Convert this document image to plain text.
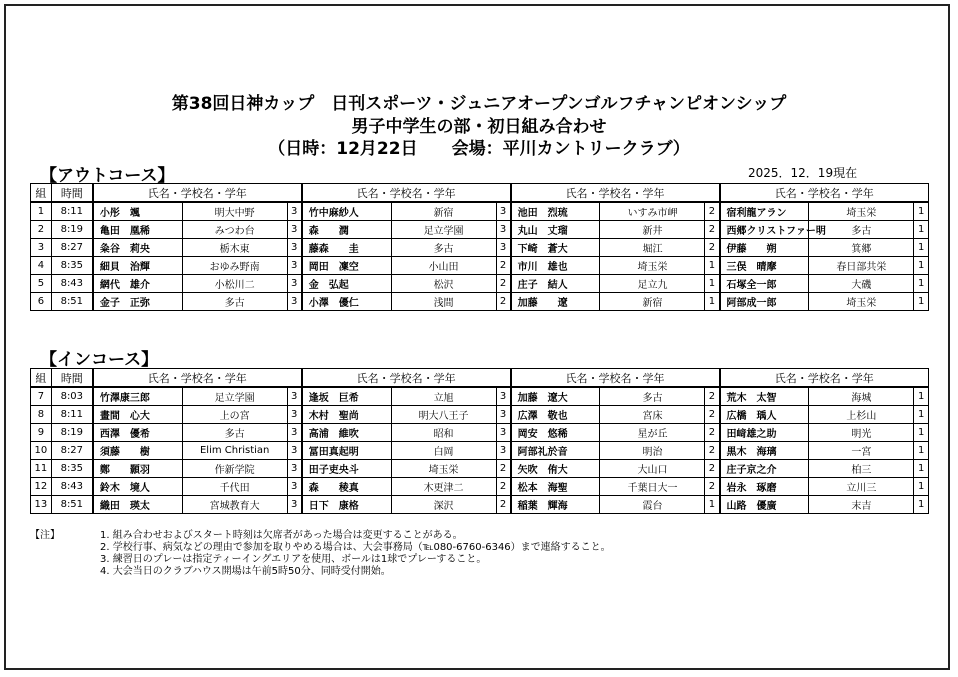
第38回日神カップ　日刊スポーツ・ジュニアオープンゴルフチャンピオンシップ
男子中学生の部・初日組み合わせ
（日時：12月22日　　会場：平川カントリークラブ）
【アウトコース】	2025．12．19現在
組	時間	氏名・学校名・学年			氏名・学校名・学年			氏名・学校名・学年			氏名・学校名・学年		
1	8:11	小彤　颯	明大中野	3	竹中麻紗人	新宿	3	池田　烈琉	いすみ市岬	2	宿利龍アラン	埼玉栄	1
2	8:19	亀田　凰稀	みつわ台	3	森　　潤	足立学園	3	丸山　丈瑠	新井	2	西郷クリストファー明	多古	1
3	8:27	粂谷　莉央	栃木東	3	藤森　　圭	多古	3	下崎　蒼大	堀江	2	伊藤　　朔	箕郷	1
4	8:35	細貝　治輝	おゆみ野南	3	岡田　凜空	小山田	2	市川　雄也	埼玉栄	1	三俣　晴摩	春日部共栄	1
5	8:43	網代　雄介	小松川二	3	金　弘起	松沢	2	庄子　結人	足立九	1	石塚全一郎	大磯	1
6	8:51	金子　正弥	多古	3	小澤　優仁	浅間	2	加藤　　遼	新宿	1	阿部成一郎	埼玉栄	1
【インコース】
組	時間	氏名・学校名・学年			氏名・学校名・学年			氏名・学校名・学年			氏名・学校名・学年		
7	8:03	竹澤康三郎	足立学園	3	逢坂　巨希	立旭	3	加藤　遼大	多古	2	荒木　太智	海城	1
8	8:11	畫間　心大	上の宮	3	木村　聖尚	明大八王子	3	広澤　敬也	宮床	2	広橋　瑀人	上杉山	1
9	8:19	西澤　優希	多古	3	高浦　維吹	昭和	3	岡安　悠稀	星が丘	2	田﨑雄之助	明光	1
10	8:27	須藤　　樹	Elim Christian	3	冨田真起明	白岡	3	阿部礼於音	明治	2	黒木　海璃	一宮	1
11	8:35	鄭　　顥羽	作新学院	3	田子吏央斗	埼玉栄	2	矢吹　侑大	大山口	2	庄子京之介	柏三	1
12	8:43	鈴木　境人	千代田	3	森　　稜真	木更津二	2	松本　海聖	千葉日大一	2	岩永　琢磨	立川三	1
13	8:51	織田　瑛太	宮城教育大	3	日下　康格	深沢	2	稲葉　輝海	霞台	1	山路　優廣	末吉	1
【注】	1. 組み合わせおよびスタート時刻は欠席者があった場合は変更することがある。
2. 学校行事、病気などの理由で参加を取りやめる場合は、大会事務局（℡080-6760-6346）まで連絡すること。
3. 練習日のプレーは指定ティーイングエリアを使用、ボールは1球でプレーすること。
4. 大会当日のクラブハウス開場は午前5時50分、同時受付開始。
